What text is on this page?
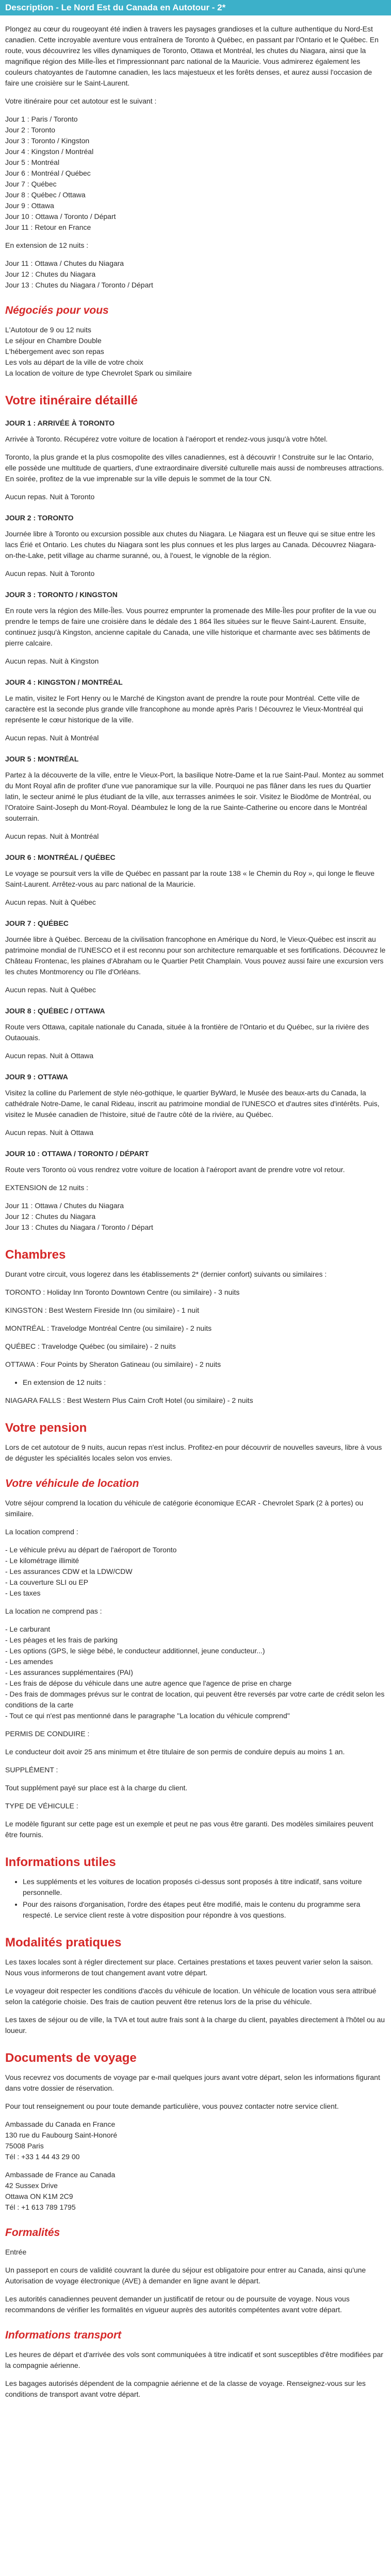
Description - Le Nord Est du Canada en Autotour - 2*

Plongez au cœur du rougeoyant été indien à travers les paysages grandioses et la culture authentique du Nord-Est canadien. Cette incroyable aventure vous entraînera de Toronto à Québec, en passant par l'Ontario et le Québec. En route, vous découvrirez les villes dynamiques de Toronto, Ottawa et Montréal, les chutes du Niagara, ainsi que la magnifique région des Mille-Îles et l'impressionnant parc national de la Mauricie. Vous admirerez également les couleurs chatoyantes de l'automne canadien, les lacs majestueux et les forêts denses, et aurez aussi l'occasion de faire une croisière sur le Saint-Laurent.

Votre itinéraire pour cet autotour est le suivant :

Jour 1 : Paris / Toronto
Jour 2 : Toronto
Jour 3 : Toronto / Kingston
Jour 4 : Kingston / Montréal
Jour 5 : Montréal
Jour 6 : Montréal / Québec
Jour 7 : Québec
Jour 8 : Québec / Ottawa
Jour 9 : Ottawa
Jour 10 : Ottawa / Toronto / Départ
Jour 11 : Retour en France

En extension de 12 nuits :

Jour 11 : Ottawa / Chutes du Niagara
Jour 12 : Chutes du Niagara
Jour 13 : Chutes du Niagara / Toronto / Départ
Négociés pour vous
L'Autotour de 9 ou 12 nuits
Le séjour en Chambre Double
L'hébergement avec son repas
Les vols au départ de la ville de votre choix
La location de voiture de type Chevrolet Spark ou similaire
Votre itinéraire détaillé
JOUR 1 : ARRIVÉE À TORONTO

Arrivée à Toronto. Récupérez votre voiture de location à l'aéroport et rendez-vous jusqu'à votre hôtel.

Toronto, la plus grande et la plus cosmopolite des villes canadiennes, est à découvrir ! Construite sur le lac Ontario, elle possède une multitude de quartiers, d'une extraordinaire diversité culturelle mais aussi de nombreuses attractions. En soirée, profitez de la vue imprenable sur la ville depuis le sommet de la tour CN.

Aucun repas. Nuit à Toronto

JOUR 2 : TORONTO

Journée libre à Toronto ou excursion possible aux chutes du Niagara. Le Niagara est un fleuve qui se situe entre les lacs Érié et Ontario. Les chutes du Niagara sont les plus connues et les plus larges au Canada. Découvrez Niagara-on-the-Lake, petit village au charme suranné, ou, à l'ouest, le vignoble de la région.

Aucun repas. Nuit à Toronto

JOUR 3 : TORONTO / KINGSTON

En route vers la région des Mille-Îles. Vous pourrez emprunter la promenade des Mille-Îles pour profiter de la vue ou prendre le temps de faire une croisière dans le dédale des 1 864 îles situées sur le fleuve Saint-Laurent. Ensuite, continuez jusqu'à Kingston, ancienne capitale du Canada, une ville historique et charmante avec ses bâtiments de pierre calcaire.

Aucun repas. Nuit à Kingston

JOUR 4 : KINGSTON / MONTRÉAL

Le matin, visitez le Fort Henry ou le Marché de Kingston avant de prendre la route pour Montréal. Cette ville de caractère est la seconde plus grande ville francophone au monde après Paris ! Découvrez le Vieux-Montréal qui représente le cœur historique de la ville.

Aucun repas. Nuit à Montréal

JOUR 5 : MONTRÉAL

Partez à la découverte de la ville, entre le Vieux-Port, la basilique Notre-Dame et la rue Saint-Paul. Montez au sommet du Mont Royal afin de profiter d'une vue panoramique sur la ville. Pourquoi ne pas flâner dans les rues du Quartier latin, le secteur animé le plus étudiant de la ville, aux terrasses animées le soir. Visitez le Biodôme de Montréal, ou l'Oratoire Saint-Joseph du Mont-Royal. Déambulez le long de la rue Sainte-Catherine ou encore dans le Montréal souterrain.

Aucun repas. Nuit à Montréal

JOUR 6 : MONTRÉAL / QUÉBEC

Le voyage se poursuit vers la ville de Québec en passant par la route 138 « le Chemin du Roy », qui longe le fleuve Saint-Laurent. Arrêtez-vous au parc national de la Mauricie.

Aucun repas. Nuit à Québec

JOUR 7 : QUÉBEC

Journée libre à Québec. Berceau de la civilisation francophone en Amérique du Nord, le Vieux-Québec est inscrit au patrimoine mondial de l'UNESCO et il est reconnu pour son architecture remarquable et ses fortifications. Découvrez le Château Frontenac, les plaines d'Abraham ou le Quartier Petit Champlain. Vous pouvez aussi faire une excursion vers les chutes Montmorency ou l'île d'Orléans.

Aucun repas. Nuit à Québec

JOUR 8 : QUÉBEC / OTTAWA

Route vers Ottawa, capitale nationale du Canada, située à la frontière de l'Ontario et du Québec, sur la rivière des Outaouais.

Aucun repas. Nuit à Ottawa

JOUR 9 : OTTAWA

Visitez la colline du Parlement de style néo-gothique, le quartier ByWard, le Musée des beaux-arts du Canada, la cathédrale Notre-Dame, le canal Rideau, inscrit au patrimoine mondial de l'UNESCO et d'autres sites d'intérêts. Puis, visitez le Musée canadien de l'histoire, situé de l'autre côté de la rivière, au Québec.

Aucun repas. Nuit à Ottawa

JOUR 10 : OTTAWA / TORONTO / DÉPART

Route vers Toronto où vous rendrez votre voiture de location à l'aéroport avant de prendre votre vol retour.

EXTENSION de 12 nuits :

Jour 11 : Ottawa / Chutes du Niagara
Jour 12 : Chutes du Niagara
Jour 13 : Chutes du Niagara / Toronto / Départ
Chambres

Durant votre circuit, vous logerez dans les établissements 2* (dernier confort) suivants ou similaires :

TORONTO : Holiday Inn Toronto Downtown Centre (ou similaire) - 3 nuits

KINGSTON : Best Western Fireside Inn (ou similaire) - 1 nuit

MONTRÉAL : Travelodge Montréal Centre (ou similaire) - 2 nuits

QUÉBEC : Travelodge Québec (ou similaire) - 2 nuits

OTTAWA : Four Points by Sheraton Gatineau (ou similaire) - 2 nuits

• En extension de 12 nuits :

NIAGARA FALLS : Best Western Plus Cairn Croft Hotel (ou similaire) - 2 nuits

Votre pension

Lors de cet autotour de 9 nuits, aucun repas n'est inclus. Profitez-en pour découvrir de nouvelles saveurs, libre à vous de déguster les spécialités locales selon vos envies.

Votre véhicule de location

Votre séjour comprend la location du véhicule de catégorie économique ECAR - Chevrolet Spark (2 à portes) ou similaire.

La location comprend :

- Le véhicule prévu au départ de l'aéroport de Toronto
- Le kilométrage illimité
- Les assurances CDW et la LDW/CDW
- La couverture SLI ou EP
- Les taxes

La location ne comprend pas :

- Le carburant
- Les péages et les frais de parking
- Les options (GPS, le siège bébé, le conducteur additionnel, jeune conducteur...)
- Les amendes
- Les assurances supplémentaires (PAI)
- Les frais de dépose du véhicule dans une autre agence que l'agence de prise en charge
- Des frais de dommages prévus sur le contrat de location, qui peuvent être reversés par votre carte de crédit selon les conditions de la carte
- Tout ce qui n'est pas mentionné dans le paragraphe "La location du véhicule comprend"

PERMIS DE CONDUIRE :

Le conducteur doit avoir 25 ans minimum et être titulaire de son permis de conduire depuis au moins 1 an.

SUPPLÉMENT :

Tout supplément payé sur place est à la charge du client.

TYPE DE VÉHICULE :

Le modèle figurant sur cette page est un exemple et peut ne pas vous être garanti. Des modèles similaires peuvent être fournis.

Informations utiles
• Les suppléments et les voitures de location proposés ci-dessus sont proposés à titre indicatif, sans voiture personnelle.
• Pour des raisons d'organisation, l'ordre des étapes peut être modifié, mais le contenu du programme sera respecté. Le service client reste à votre disposition pour répondre à vos questions.
Modalités pratiques

Les taxes locales sont à régler directement sur place. Certaines prestations et taxes peuvent varier selon la saison. Nous vous informerons de tout changement avant votre départ.

Le voyageur doit respecter les conditions d'accès du véhicule de location. Un véhicule de location vous sera attribué selon la catégorie choisie. Des frais de caution peuvent être retenus lors de la prise du véhicule.

Les taxes de séjour ou de ville, la TVA et tout autre frais sont à la charge du client, payables directement à l'hôtel ou au loueur.

Documents de voyage

Vous recevrez vos documents de voyage par e-mail quelques jours avant votre départ, selon les informations figurant dans votre dossier de réservation.

Pour tout renseignement ou pour toute demande particulière, vous pouvez contacter notre service client.

Ambassade du Canada en France
130 rue du Faubourg Saint-Honoré
75008 Paris
Tél : +33 1 44 43 29 00

Ambassade de France au Canada
42 Sussex Drive
Ottawa ON K1M 2C9
Tél : +1 613 789 1795

Formalités

Entrée

Un passeport en cours de validité couvrant la durée du séjour est obligatoire pour entrer au Canada, ainsi qu'une Autorisation de voyage électronique (AVE) à demander en ligne avant le départ.

Les autorités canadiennes peuvent demander un justificatif de retour ou de poursuite de voyage. Nous vous recommandons de vérifier les formalités en vigueur auprès des autorités compétentes avant votre départ.

Informations transport

Les heures de départ et d'arrivée des vols sont communiquées à titre indicatif et sont susceptibles d'être modifiées par la compagnie aérienne.

Les bagages autorisés dépendent de la compagnie aérienne et de la classe de voyage. Renseignez-vous sur les conditions de transport avant votre départ.
